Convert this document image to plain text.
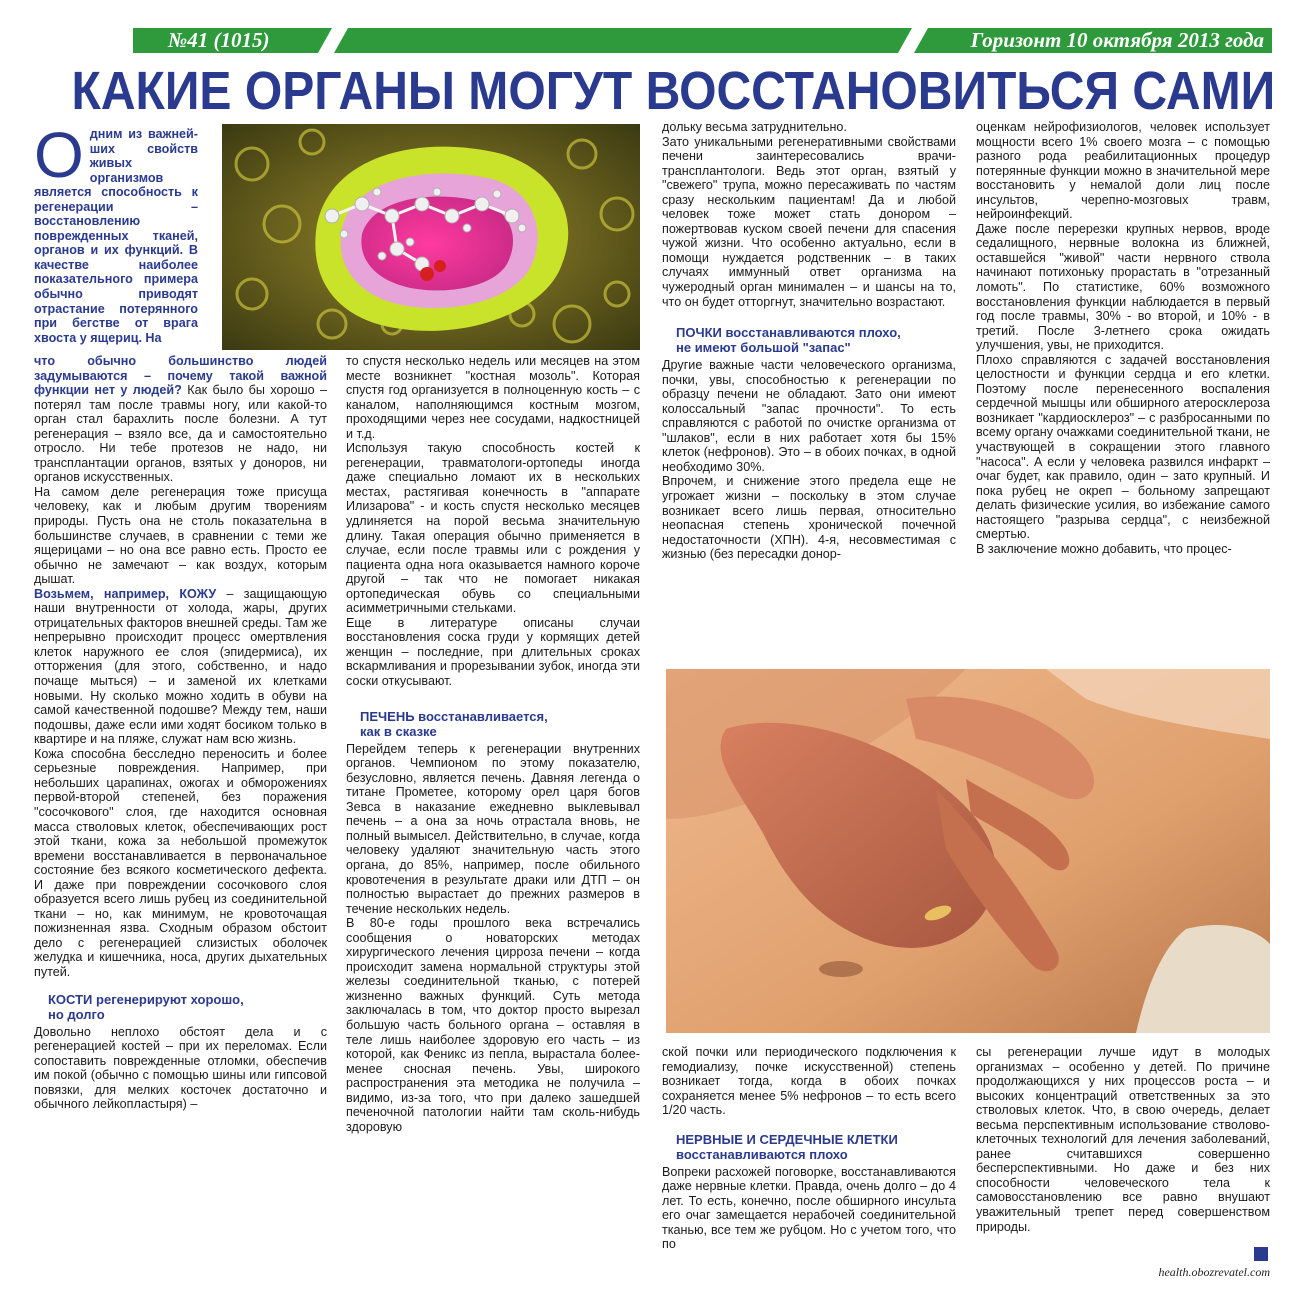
№41 (1015)	Горизонт 10 октября 2013 года
КАКИЕ ОРГАНЫ МОГУТ ВОССТАНОВИТЬСЯ САМИ
О дним из важней-ших свойств живых организмов является способность к регенерации – восстановлению поврежденных тканей, органов и их функций. В качестве наиболее показательного примера обычно приводят отрастание потерянного при бегстве от врага хвоста у ящериц. На

что обычно большинство людей задумываются – почему такой важной функции нет у людей? Как было бы хорошо – потерял там после травмы ногу, или какой-то орган стал барахлить после болезни. А тут регенерация – взяло все, да и самостоятельно отросло. Ни тебе протезов не надо, ни трансплантации органов, взятых у доноров, ни органов искусственных.

На самом деле регенерация тоже присуща человеку, как и любым другим творениям природы. Пусть она не столь показательна в большинстве случаев, в сравнении с теми же ящерицами – но она все равно есть. Просто ее обычно не замечают – как воздух, которым дышат.

Возьмем, например, КОЖУ – защищающую наши внутренности от холода, жары, других отрицательных факторов внешней среды. Там же непрерывно происходит процесс омертвления клеток наружного ее слоя (эпидермиса), их отторжения (для этого, собственно, и надо почаще мыться) – и заменой их клетками новыми. Ну сколько можно ходить в обуви на самой качественной подошве? Между тем, наши подошвы, даже если ими ходят босиком только в квартире и на пляже, служат нам всю жизнь.

Кожа способна бесследно переносить и более серьезные повреждения. Например, при небольших царапинах, ожогах и обморожениях первой-второй степеней, без поражения "сосочкового" слоя, где находится основная масса стволовых клеток, обеспечивающих рост этой ткани, кожа за небольшой промежуток времени восстанавливается в первоначальное состояние без всякого косметического дефекта. И даже при повреждении сосочкового слоя образуется всего лишь рубец из соединительной ткани – но, как минимум, не кровоточащая пожизненная язва. Сходным образом обстоит дело с регенерацией слизистых оболочек желудка и кишечника, носа, других дыхательных путей.

КОСТИ регенерируют хорошо,
но долго

Довольно неплохо обстоят дела и с регенерацией костей – при их переломах. Если сопоставить поврежденные отломки, обеспечив им покой (обычно с помощью шины или гипсовой повязки, для мелких косточек достаточно и обычного лейкопластыря) –

то спустя несколько недель или месяцев на этом месте возникнет "костная мозоль". Которая спустя год организуется в полноценную кость – с каналом, наполняющимся костным мозгом, проходящими через нее сосудами, надкостницей и т.д.

Используя такую способность костей к регенерации, травматологи-ортопеды иногда даже специально ломают их в нескольких местах, растягивая конечность в "аппарате Илизарова" - и кость спустя несколько месяцев удлиняется на порой весьма значительную длину. Такая операция обычно применяется в случае, если после травмы или с рождения у пациента одна нога оказывается намного короче другой – так что не помогает никакая ортопедическая обувь со специальными асимметричными стельками.

Еще в литературе описаны случаи восстановления соска груди у кормящих детей женщин – последние, при длительных сроках вскармливания и прорезывании зубок, иногда эти соски откусывают.

ПЕЧЕНЬ восстанавливается,
как в сказке

Перейдем теперь к регенерации внутренних органов. Чемпионом по этому показателю, безусловно, является печень. Давняя легенда о титане Прометее, которому орел царя богов Зевса в наказание ежедневно выклевывал печень – а она за ночь отрастала вновь, не полный вымысел. Действительно, в случае, когда человеку удаляют значительную часть этого органа, до 85%, например, после обильного кровотечения в результате драки или ДТП – он полностью вырастает до прежних размеров в течение нескольких недель.

В 80-е годы прошлого века встречались сообщения о новаторских методах хирургического лечения цирроза печени – когда происходит замена нормальной структуры этой железы соединительной тканью, с потерей жизненно важных функций. Суть метода заключалась в том, что доктор просто вырезал большую часть больного органа – оставляя в теле лишь наиболее здоровую его часть – из которой, как Феникс из пепла, вырастала более-менее сносная печень. Увы, широкого распространения эта методика не получила – видимо, из-за того, что при далеко зашедшей печеночной патологии найти там сколь-нибудь здоровую

дольку весьма затруднительно.

Зато уникальными регенеративными свойствами печени заинтересовались врачи-трансплантологи. Ведь этот орган, взятый у "свежего" трупа, можно пересаживать по частям сразу нескольким пациентам! Да и любой человек тоже может стать донором – пожертвовав куском своей печени для спасения чужой жизни. Что особенно актуально, если в помощи нуждается родственник – в таких случаях иммунный ответ организма на чужеродный орган минимален – и шансы на то, что он будет отторгнут, значительно возрастают.

ПОЧКИ восстанавливаются плохо,
не имеют большой "запас"

Другие важные части человеческого организма, почки, увы, способностью к регенерации по образцу печени не обладают. Зато они имеют колоссальный "запас прочности". То есть справляются с работой по очистке организма от "шлаков", если в них работает хотя бы 15% клеток (нефронов). Это – в обоих почках, в одной необходимо 30%.

Впрочем, и снижение этого предела еще не угрожает жизни – поскольку в этом случае возникает всего лишь первая, относительно неопасная степень хронической почечной недостаточности (ХПН). 4-я, несовместимая с жизнью (без пересадки донор-

оценкам нейрофизиологов, человек использует мощности всего 1% своего мозга – с помощью разного рода реабилитационных процедур потерянные функции можно в значительной мере восстановить у немалой доли лиц после инсультов, черепно-мозговых травм, нейроинфекций.

Даже после перерезки крупных нервов, вроде седалищного, нервные волокна из ближней, оставшейся "живой" части нервного ствола начинают потихоньку прорастать в "отрезанный ломоть". По статистике, 60% возможного восстановления функции наблюдается в первый год после травмы, 30% - во второй, и 10% - в третий. После 3-летнего срока ожидать улучшения, увы, не приходится.

Плохо справляются с задачей восстановления целостности и функции сердца и его клетки. Поэтому после перенесенного воспаления сердечной мышцы или обширного атеросклероза возникает "кардиосклероз" – с разбросанными по всему органу очажками соединительной ткани, не участвующей в сокращении этого главного "насоса". А если у человека развился инфаркт – очаг будет, как правило, один – зато крупный. И пока рубец не окреп – больному запрещают делать физические усилия, во избежание самого настоящего "разрыва сердца", с неизбежной смертью.

В заключение можно добавить, что процес-

ской почки или периодического подключения к гемодиализу, почке искусственной) степень возникает тогда, когда в обоих почках сохраняется менее 5% нефронов – то есть всего 1/20 часть.

НЕРВНЫЕ И СЕРДЕЧНЫЕ КЛЕТКИ
восстанавливаются плохо

Вопреки расхожей поговорке, восстанавливаются даже нервные клетки. Правда, очень долго – до 4 лет. То есть, конечно, после обширного инсульта его очаг замещается нерабочей соединительной тканью, все тем же рубцом. Но с учетом того, что по

сы регенерации лучше идут в молодых организмах – особенно у детей. По причине продолжающихся у них процессов роста – и высоких концентраций ответственных за это стволовых клеток. Что, в свою очередь, делает весьма перспективным использование стволово-клеточных технологий для лечения заболеваний, ранее считавшихся совершенно бесперспективными. Но даже и без них способности человеческого тела к самовосстановлению все равно внушают уважительный трепет перед совершенством природы.

health.obozrevatel.com
